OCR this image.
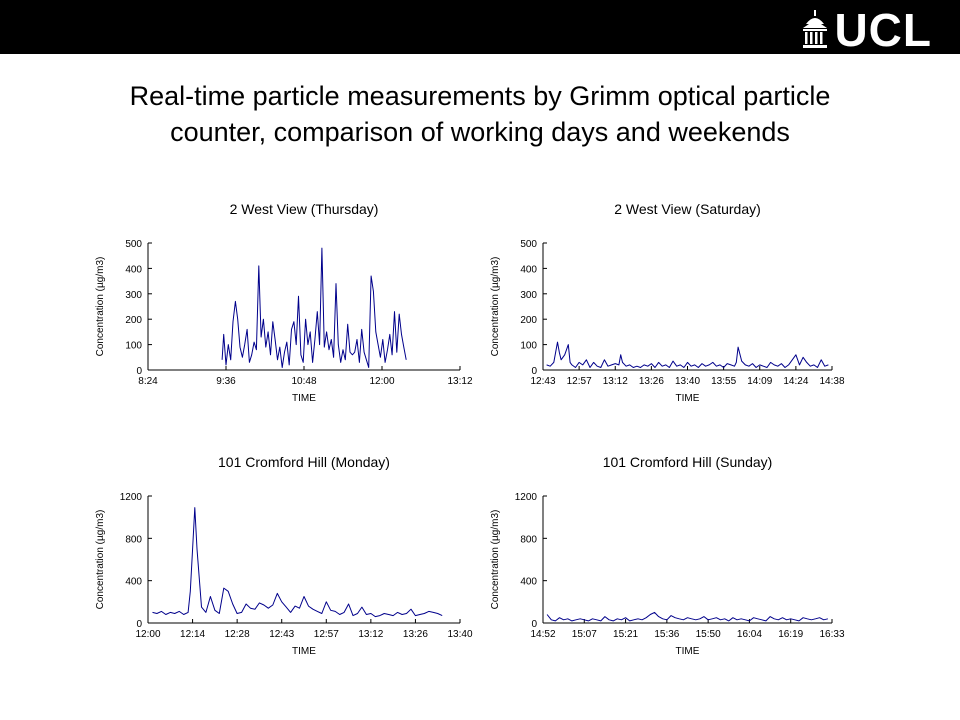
UCL
Real-time particle measurements by Grimm optical particle
counter, comparison of working days and weekends
2 West View (Thursday)
0
100
200
300
400
500
8:24	9:36	10:48	12:00	13:12
TIME
Concentration (µg/m3)
2 West View (Saturday)
0
100
200
300
400
500
12:43 12:57 13:12 13:26 13:40 13:55 14:09 14:24 14:38
TIME
Concentration (µg/m3)
101 Cromford Hill (Monday)
0
400
800
1200
12:00 12:14 12:28 12:43 12:57 13:12 13:26 13:40
TIME
Concentration (µg/m3)
101 Cromford Hill (Sunday)
0
400
800
1200
14:52 15:07 15:21 15:36 15:50 16:04 16:19 16:33
TIME
Concentration (µg/m3)
